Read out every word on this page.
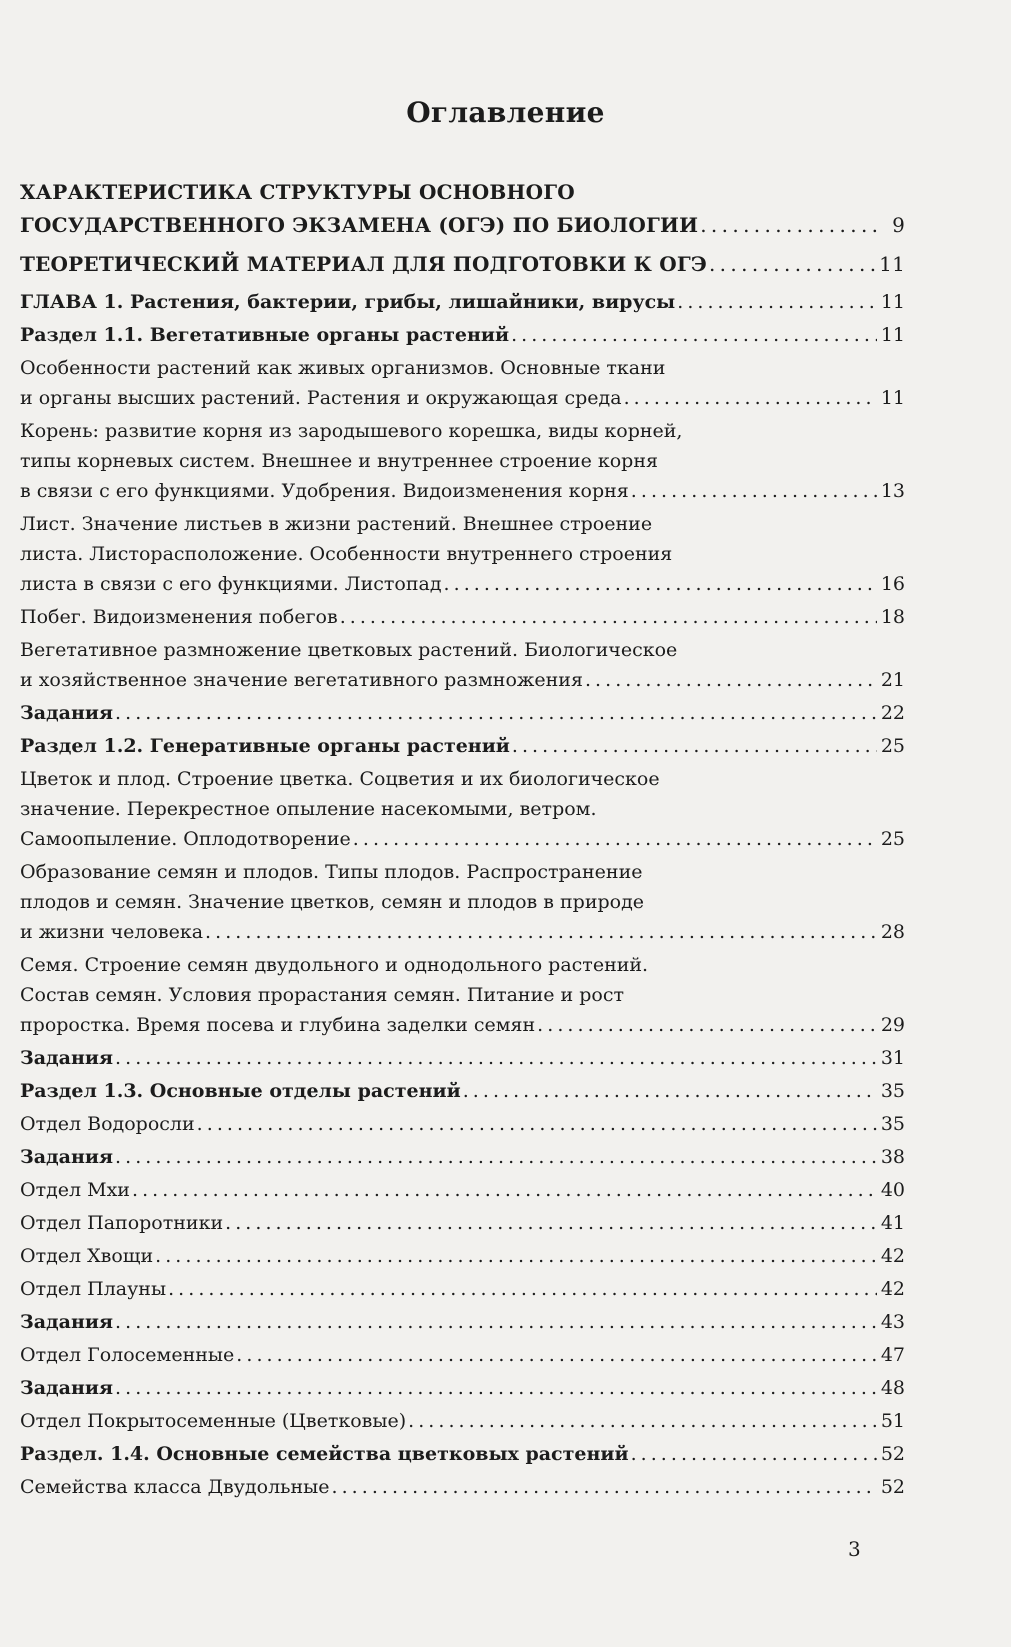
Оглавление
ХАРАКТЕРИСТИКА СТРУКТУРЫ ОСНОВНОГО
ГОСУДАРСТВЕННОГО ЭКЗАМЕНА (ОГЭ) ПО БИОЛОГИИ . . .	9
ТЕОРЕТИЧЕСКИЙ МАТЕРИАЛ ДЛЯ ПОДГОТОВКИ К ОГЭ . . .	11
ГЛАВА 1. Растения, бактерии, грибы, лишайники, вирусы . . .	11
Раздел 1.1. Вегетативные органы растений . . .	11
Особенности растений как живых организмов. Основные ткани
и органы высших растений. Растения и окружающая среда . . .	11
Корень: развитие корня из зародышевого корешка, виды корней,
типы корневых систем. Внешнее и внутреннее строение корня
в связи с его функциями. Удобрения. Видоизменения корня . . .	13
Лист. Значение листьев в жизни растений. Внешнее строение
листа. Листорасположение. Особенности внутреннего строения
листа в связи с его функциями. Листопад . . .	16
Побег. Видоизменения побегов . . .	18
Вегетативное размножение цветковых растений. Биологическое
и хозяйственное значение вегетативного размножения . . .	21
Задания . . .	22
Раздел 1.2. Генеративные органы растений . . .	25
Цветок и плод. Строение цветка. Соцветия и их биологическое
значение. Перекрестное опыление насекомыми, ветром.
Самоопыление. Оплодотворение . . .	25
Образование семян и плодов. Типы плодов. Распространение
плодов и семян. Значение цветков, семян и плодов в природе
и жизни человека . . .	28
Семя. Строение семян двудольного и однодольного растений.
Состав семян. Условия прорастания семян. Питание и рост
проростка. Время посева и глубина заделки семян . . .	29
Задания . . .	31
Раздел 1.3. Основные отделы растений . . .	35
Отдел Водоросли . . .	35
Задания . . .	38
Отдел Мхи . . .	40
Отдел Папоротники . . .	41
Отдел Хвощи . . .	42
Отдел Плауны . . .	42
Задания . . .	43
Отдел Голосеменные . . .	47
Задания . . .	48
Отдел Покрытосеменные (Цветковые) . . .	51
Раздел. 1.4. Основные семейства цветковых растений . . .	52
Семейства класса Двудольные . . .	52
3
